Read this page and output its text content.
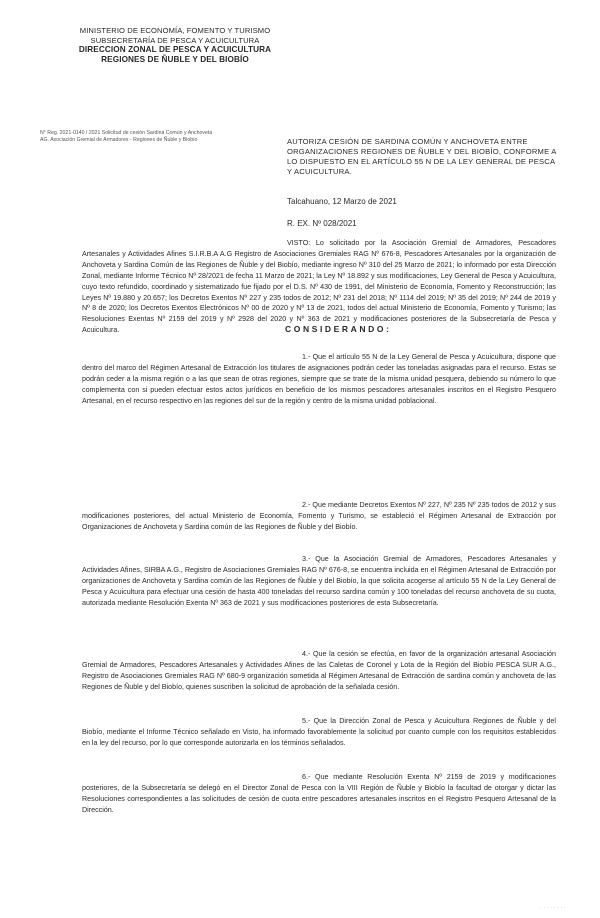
MINISTERIO DE ECONOMÍA, FOMENTO Y TURISMO
SUBSECRETARÍA DE PESCA Y ACUICULTURA
DIRECCION ZONAL DE PESCA Y ACUICULTURA
REGIONES DE ÑUBLE Y DEL BIOBÍO
N° Reg. 2021-0140 / 2021 Solicitud de cesión Sardina Común y Anchoveta
AG. Asociación Gremial de Armadores - Regiones de Ñuble y Biobío	AUTORIZA CESIÓN DE SARDINA COMÚN Y ANCHOVETA ENTRE ORGANIZACIONES REGIONES DE ÑUBLE Y DEL BIOBÍO, CONFORME A LO DISPUESTO EN EL ARTÍCULO 55 N DE LA LEY GENERAL DE PESCA Y ACUICULTURA.
Talcahuano, 12 Marzo de 2021
R. EX. Nº 028/2021

VISTO: Lo solicitado por la Asociación Gremial de Armadores, Pescadores Artesanales y Actividades Afines S.I.R.B.A A.G Registro de Asociaciones Gremiales RAG Nº 676-8, Pescadores Artesanales por la organización de Anchoveta y Sardina Común de las Regiones de Ñuble y del Biobío, mediante ingreso Nº 310 del 25 Marzo de 2021; lo informado por esta Dirección Zonal, mediante Informe Técnico Nº 28/2021 de fecha 11 Marzo de 2021; la Ley Nº 18.892 y sus modificaciones, Ley General de Pesca y Acuicultura, cuyo texto refundido, coordinado y sistematizado fue fijado por el D.S. Nº 430 de 1991, del Ministerio de Economía, Fomento y Reconstrucción; las Leyes Nº 19.880 y 20.657; los Decretos Exentos Nº 227 y 235 todos de 2012; Nº 231 del 2018; Nº 1114 del 2019; Nº 35 del 2019; Nº 244 de 2019 y Nº 8 de 2020; los Decretos Exentos Electrónicos Nº 00 de 2020 y Nº 13 de 2021, todos del actual Ministerio de Economía, Fomento y Turismo; las Resoluciones Exentas Nº 2159 del 2019 y Nº 2928 del 2020 y Nº 363 de 2021 y modificaciones posteriores de la Subsecretaría de Pesca y Acuicultura.	CONSIDERANDO:

1.- Que el artículo 55 N de la Ley General de Pesca y Acuicultura, dispone que dentro del marco del Régimen Artesanal de Extracción los titulares de asignaciones podrán ceder las toneladas asignadas para el recurso. Estas se podrán ceder a la misma región o a las que sean de otras regiones, siempre que se trate de la misma unidad pesquera, debiendo su número lo que complementa con si pueden efectuar estos actos jurídicos en beneficio de los mismos pescadores artesanales inscritos en el Registro Pesquero Artesanal, en el recurso respectivo en las regiones del sur de la región y centro de la misma unidad poblacional.

2.- Que mediante Decretos Exentos Nº 227, Nº 235 Nº 235 todos de 2012 y sus modificaciones posteriores, del actual Ministerio de Economía, Fomento y Turismo, se estableció el Régimen Artesanal de Extracción por Organizaciones de Anchoveta y Sardina común de las Regiones de Ñuble y del Biobío.

3.- Que la Asociación Gremial de Armadores, Pescadores Artesanales y Actividades Afines, SIRBA A.G., Registro de Asociaciones Gremiales RAG Nº 676-8, se encuentra incluida en el Régimen Artesanal de Extracción por organizaciones de Anchoveta y Sardina común de las Regiones de Ñuble y del Biobío, la que solicita acogerse al artículo 55 N de la Ley General de Pesca y Acuicultura para efectuar una cesión de hasta 400 toneladas del recurso sardina común y 100 toneladas del recurso anchoveta de su cuota, autorizada mediante Resolución Exenta Nº 363 de 2021 y sus modificaciones posteriores de esta Subsecretaría.

4.- Que la cesión se efectúa, en favor de la organización artesanal Asociación Gremial de Armadores, Pescadores Artesanales y Actividades Afines de las Caletas de Coronel y Lota de la Región del Biobío PESCA SUR A.G., Registro de Asociaciones Gremiales RAG Nº 680-9 organización sometida al Régimen Artesanal de Extracción de sardina común y anchoveta de las Regiones de Ñuble y del Biobío, quienes suscriben la solicitud de aprobación de la señalada cesión.

5.- Que la Dirección Zonal de Pesca y Acuicultura Regiones de Ñuble y del Biobío, mediante el Informe Técnico señalado en Visto, ha informado favorablemente la solicitud por cuanto cumple con los requisitos establecidos en la ley del recurso, por lo que corresponde autorizarla en los términos señalados.

6.- Que mediante Resolución Exenta Nº 2159 de 2019 y modificaciones posteriores, de la Subsecretaría se delegó en el Director Zonal de Pesca con la VIII Región de Ñuble y Biobío la facultad de otorgar y dictar las Resoluciones correspondientes a las solicitudes de cesión de cuota entre pescadores artesanales inscritos en el Registro Pesquero Artesanal de la Dirección.

· · · · · · · ·
